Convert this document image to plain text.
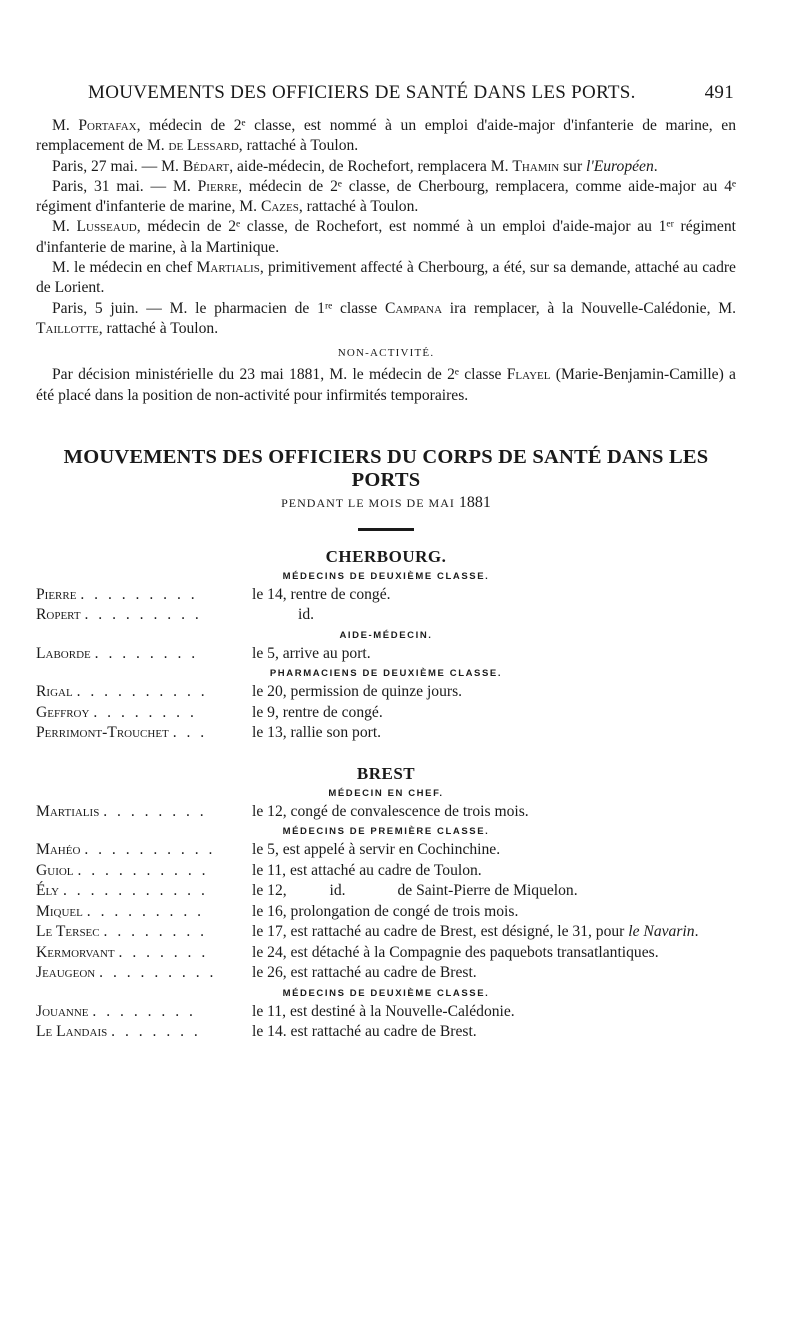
MOUVEMENTS DES OFFICIERS DE SANTÉ DANS LES PORTS.	491

M. Portafax, médecin de 2ᵉ classe, est nommé à un emploi d'aide-major d'infanterie de marine, en remplacement de M. de Lessard, rattaché à Toulon.

Paris, 27 mai. — M. Bédart, aide-médecin, de Rochefort, remplacera M. Thamin sur l'Européen.

Paris, 31 mai. — M. Pierre, médecin de 2ᵉ classe, de Cherbourg, remplacera, comme aide-major au 4ᵉ régiment d'infanterie de marine, M. Cazes, rattaché à Toulon.

M. Lusseaud, médecin de 2ᵉ classe, de Rochefort, est nommé à un emploi d'aide-major au 1ᵉʳ régiment d'infanterie de marine, à la Martinique.

M. le médecin en chef Martialis, primitivement affecté à Cherbourg, a été, sur sa demande, attaché au cadre de Lorient.

Paris, 5 juin. — M. le pharmacien de 1ʳᵉ classe Campana ira remplacer, à la Nouvelle-Calédonie, M. Taillotte, rattaché à Toulon.

NON-ACTIVITÉ.

Par décision ministérielle du 23 mai 1881, M. le médecin de 2ᵉ classe Flayel (Marie-Benjamin-Camille) a été placé dans la position de non-activité pour infirmités temporaires.

MOUVEMENTS DES OFFICIERS DU CORPS DE SANTÉ DANS LES PORTS
PENDANT LE MOIS DE MAI 1881
CHERBOURG.
MÉDECINS DE DEUXIÈME CLASSE.
Pierre . . . . . . . . .	le 14, rentre de congé.
Ropert . . . . . . . . .	id.
AIDE-MÉDECIN.
Laborde . . . . . . . .	le 5, arrive au port.
PHARMACIENS DE DEUXIÈME CLASSE.
Rigal . . . . . . . . . .	le 20, permission de quinze jours.
Geffroy . . . . . . . .	le 9, rentre de congé.
Perrimont-Trouchet . . .	le 13, rallie son port.
BREST
MÉDECIN EN CHEF.
Martialis . . . . . . . .	le 12, congé de convalescence de trois mois.
MÉDECINS DE PREMIÈRE CLASSE.
Mahéo . . . . . . . . . .	le 5, est appelé à servir en Cochinchine.
Guiol . . . . . . . . . .	le 11, est attaché au cadre de Toulon.
Ély . . . . . . . . . . .	le 12,           id.	de Saint-Pierre de Miquelon.
Miquel . . . . . . . . .	le 16, prolongation de congé de trois mois.
Le Tersec . . . . . . . .	le 17, est rattaché au cadre de Brest, est désigné, le 31, pour le Navarin.
Kermorvant . . . . . . .	le 24, est détaché à la Compagnie des paquebots transatlantiques.
Jeaugeon . . . . . . . . .	le 26, est rattaché au cadre de Brest.
MÉDECINS DE DEUXIÈME CLASSE.
Jouanne . . . . . . . .	le 11, est destiné à la Nouvelle-Calédonie.
Le Landais . . . . . . .	le 14. est rattaché au cadre de Brest.
